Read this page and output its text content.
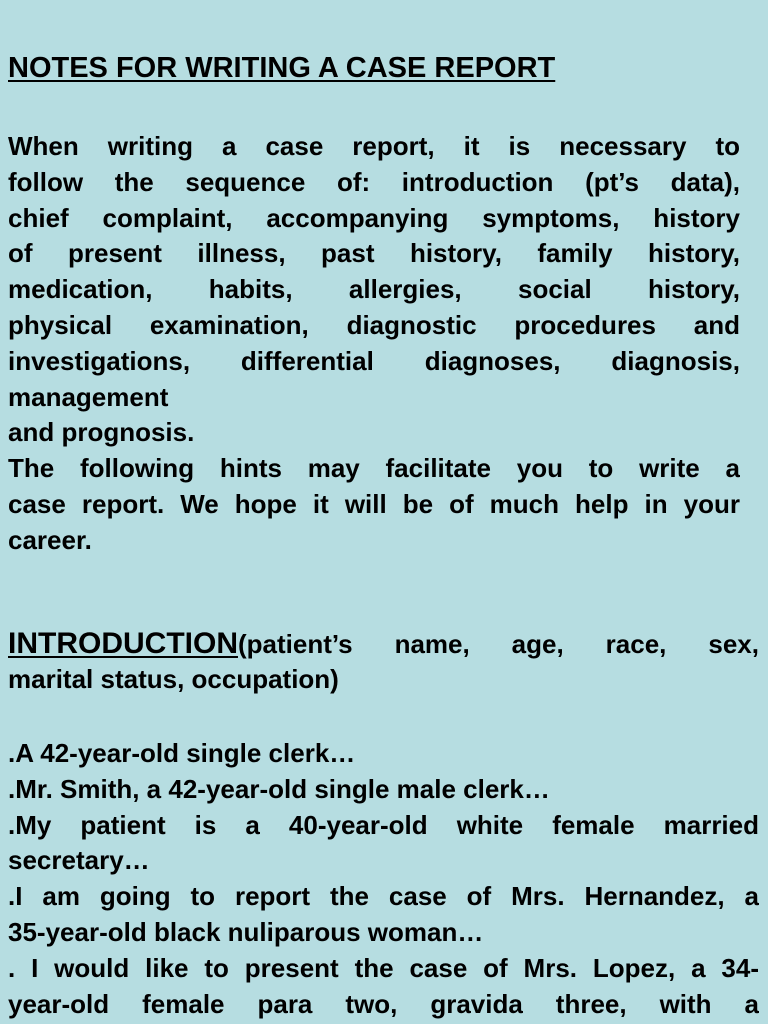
NOTES FOR WRITING A CASE REPORT
When writing a case report, it is necessary to
follow the sequence of: introduction (pt’s data),
chief complaint, accompanying symptoms, history
of present illness, past history, family history,
medication, habits, allergies, social history,
physical examination, diagnostic procedures and
investigations, differential diagnoses, diagnosis,
management
and prognosis.
The following hints may facilitate you to write a
case report. We hope it will be of much help in your
career.
INTRODUCTION(patient’s name, age, race, sex,
marital status, occupation)
.A 42-year-old single clerk…
.Mr. Smith, a 42-year-old single male clerk…
.My patient is a 40-year-old white female married
secretary…
.I am going to report the case of Mrs. Hernandez, a
35-year-old black nuliparous woman…
. I would like to present the case of Mrs. Lopez, a 34-
year-old female para two, gravida three, with a
